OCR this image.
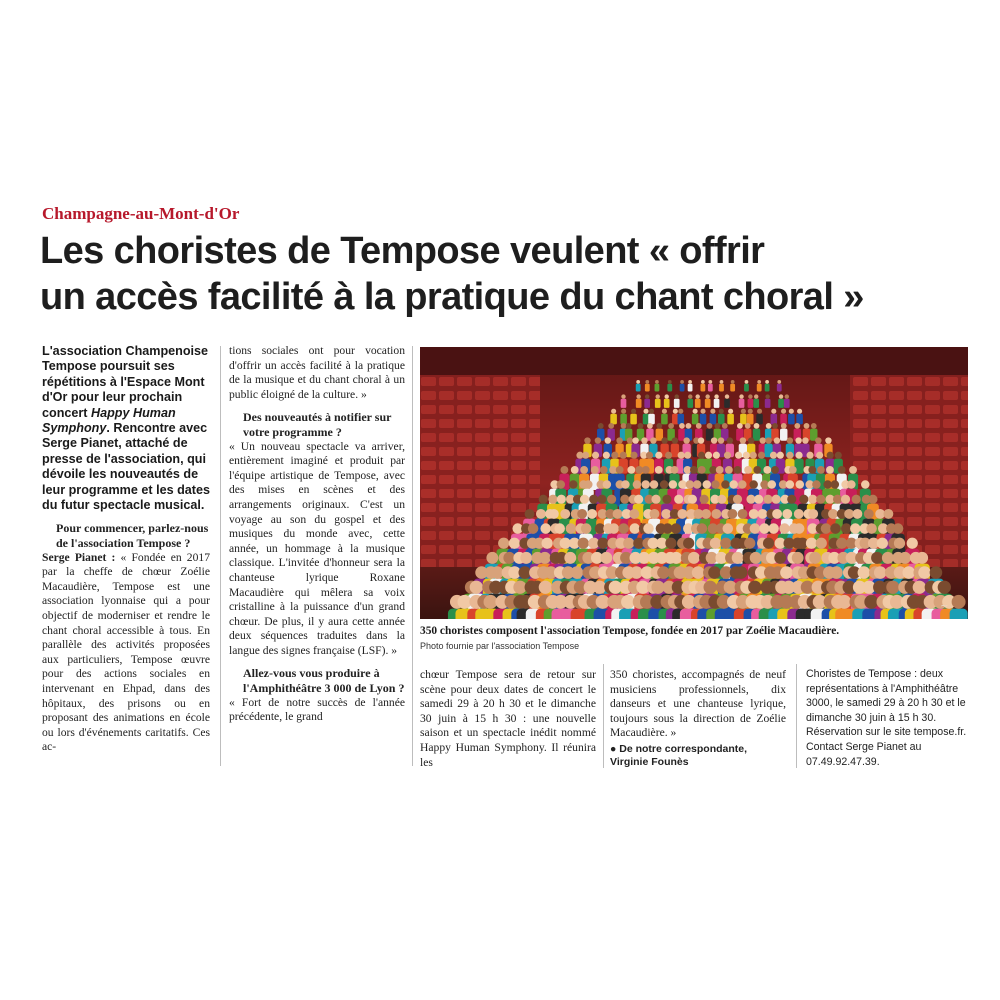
Champagne-au-Mont-d'Or
Les choristes de Tempose veulent « offrir
un accès facilité à la pratique du chant choral »

L'association Champenoise Tempose poursuit ses répétitions à l'Espace Mont d'Or pour leur prochain concert Happy Human Symphony. Rencontre avec Serge Pianet, attaché de presse de l'association, qui dévoile les nouveautés de leur programme et les dates du futur spectacle musical.

Pour commencer, parlez-nous de l'association Tempose ?

Serge Pianet : « Fondée en 2017 par la cheffe de chœur Zoélie Macaudière, Tempose est une association lyonnaise qui a pour objectif de moderniser et rendre le chant choral accessible à tous. En parallèle des activités proposées aux particuliers, Tempose œuvre pour des actions sociales en intervenant en Ehpad, dans des hôpitaux, des prisons ou en proposant des animations en école ou lors d'événements caritatifs. Ces ac-

tions sociales ont pour vocation d'offrir un accès facilité à la pratique de la musique et du chant choral à un public éloigné de la culture. »

Des nouveautés à notifier sur votre programme ?

« Un nouveau spectacle va arriver, entièrement imaginé et produit par l'équipe artistique de Tempose, avec des mises en scènes et des arrangements originaux. C'est un voyage au son du gospel et des musiques du monde avec, cette année, un hommage à la musique classique. L'invitée d'honneur sera la chanteuse lyrique Roxane Macaudière qui mêlera sa voix cristalline à la puissance d'un grand chœur. De plus, il y aura cette année deux séquences traduites dans la langue des signes française (LSF). »

Allez-vous vous produire à l'Amphithéâtre 3 000 de Lyon ?

« Fort de notre succès de l'année précédente, le grand

~
350 choristes composent l'association Tempose, fondée en 2017 par Zoélie Macaudière.
Photo fournie par l'association Tempose

chœur Tempose sera de retour sur scène pour deux dates de concert le samedi 29 à 20 h 30 et le dimanche 30 juin à 15 h 30 : une nouvelle saison et un spectacle inédit nommé Happy Human Symphony. Il réunira les

350 choristes, accompagnés de neuf musiciens professionnels, dix danseurs et une chanteuse lyrique, toujours sous la direction de Zoélie Macaudière. »

● De notre correspondante,
Virginie Founès

Choristes de Tempose : deux représentations à l'Amphithéâtre 3000, le samedi 29 à 20 h 30 et le dimanche 30 juin à 15 h 30. Réservation sur le site tempose.fr. Contact Serge Pianet au 07.49.92.47.39.
